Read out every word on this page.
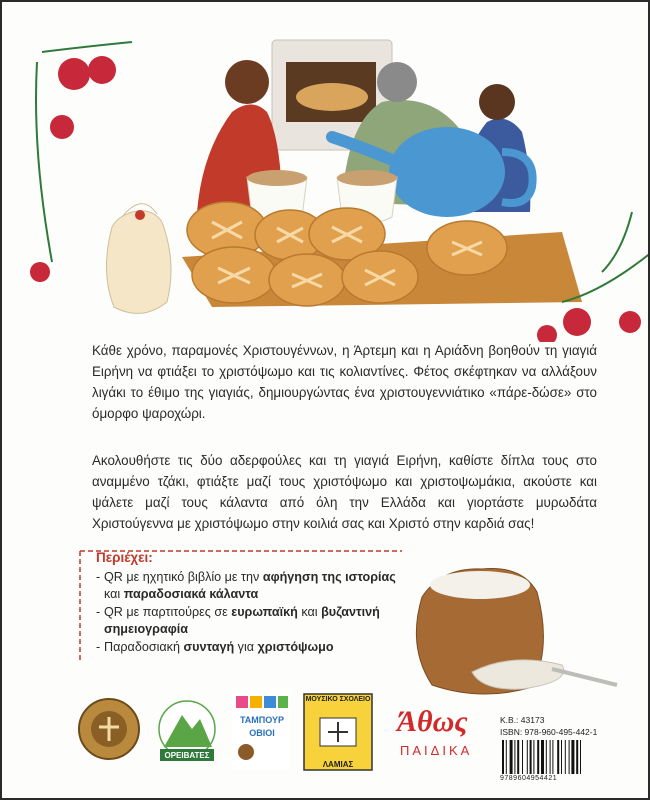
Κάθε χρόνο, παραμονές Χριστουγέννων, η Άρτεμη και η Αριάδνη βοηθούν τη γιαγιά Ειρήνη να φτιάξει το χριστόψωμο και τις κολιαντίνες. Φέτος σκέφτηκαν να αλλάξουν λιγάκι το έθιμο της γιαγιάς, δημιουργώντας ένα χριστουγεννιάτικο «πάρε-δώσε» στο όμορφο ψαροχώρι.

Ακολουθήστε τις δύο αδερφούλες και τη γιαγιά Ειρήνη, καθίστε δίπλα τους στο αναμμένο τζάκι, φτιάξτε μαζί τους χριστόψωμο και χριστοψωμάκια, ακούστε και ψάλετε μαζί τους κάλαντα από όλη την Ελλάδα και γιορτάστε μυρωδάτα Χριστούγεννα με χριστόψωμο στην κοιλιά σας και Χριστό στην καρδιά σας!

Περιέχει:

- QR με ηχητικό βιβλίο με την αφήγηση της ιστορίας και παραδοσιακά κάλαντα
- QR με παρτιτούρες σε ευρωπαϊκή και βυζαντινή σημειογραφία
- Παραδοσιακή συνταγή για χριστόψωμο
ΟΡΕΙΒΑΤΕΣ
ΤΑΜΠΟΥΡΟΒΙΟΙ
ΜΟΥΣΙΚΟ ΣΧΟΛΕΙΟ
ΛΑΜΙΑΣ
Άθως
ΠΑΙΔΙΚΑ
Κ.Β.: 43173
ISBN: 978-960-495-442-1
9789604954421
